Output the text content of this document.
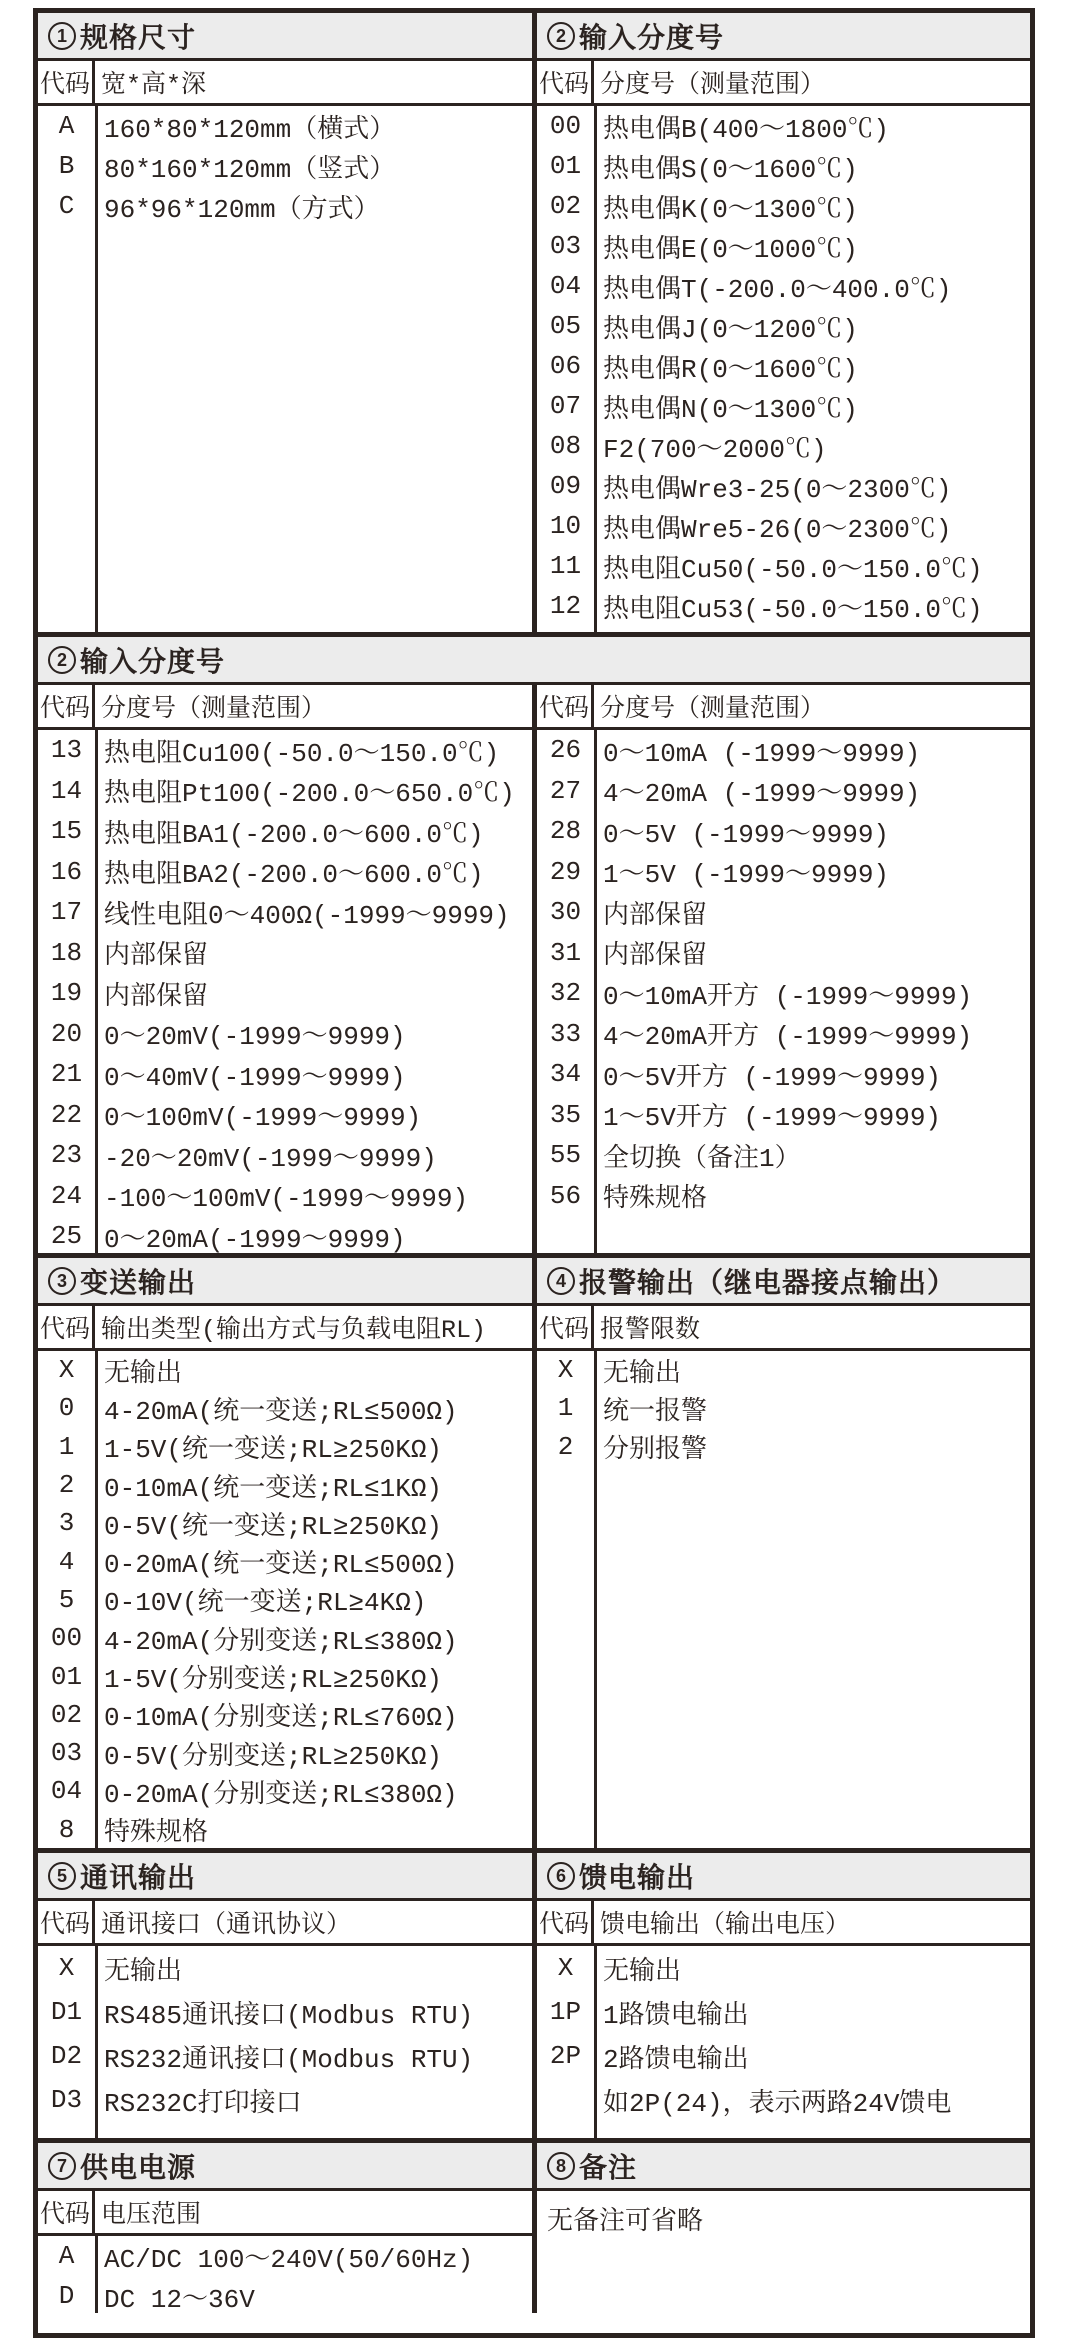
1 规格尺寸
代码 宽*高*深
A	160*80*120mm（横式）
B	80*160*120mm（竖式）
C	96*96*120mm（方式）
2 输入分度号
代码 分度号（测量范围）
00 热电偶B(400～1800℃)
01 热电偶S(0～1600℃)
02 热电偶K(0～1300℃)
03 热电偶E(0～1000℃)
04 热电偶T(-200.0～400.0℃)
05 热电偶J(0～1200℃)
06 热电偶R(0～1600℃)
07 热电偶N(0～1300℃)
08 F2(700～2000℃)
09 热电偶Wre3-25(0～2300℃)
10 热电偶Wre5-26(0～2300℃)
11 热电阻Cu50(-50.0～150.0℃)
12 热电阻Cu53(-50.0～150.0℃)
2 输入分度号
代码 分度号（测量范围）
13 热电阻Cu100(-50.0～150.0℃)
14 热电阻Pt100(-200.0～650.0℃)
15 热电阻BA1(-200.0～600.0℃)
16 热电阻BA2(-200.0～600.0℃)
17 线性电阻0～400Ω(-1999～9999)
18 内部保留
19 内部保留
20 0～20mV(-1999～9999)
21 0～40mV(-1999～9999)
22 0～100mV(-1999～9999)
23 -20～20mV(-1999～9999)
24 -100～100mV(-1999～9999)
25 0～20mA(-1999～9999)
代码 分度号（测量范围）
26 0～10mA (-1999～9999)
27 4～20mA (-1999～9999)
28 0～5V (-1999～9999)
29 1～5V (-1999～9999)
30 内部保留
31 内部保留
32 0～10mA开方 (-1999～9999)
33 4～20mA开方 (-1999～9999)
34 0～5V开方 (-1999～9999)
35 1～5V开方 (-1999～9999)
55 全切换（备注1）
56 特殊规格
3 变送输出
代码 输出类型(输出方式与负载电阻RL)
X	无输出
0	4-20mA(统一变送;RL≤500Ω)
1	1-5V(统一变送;RL≥250KΩ)
2	0-10mA(统一变送;RL≤1KΩ)
3	0-5V(统一变送;RL≥250KΩ)
4	0-20mA(统一变送;RL≤500Ω)
5	0-10V(统一变送;RL≥4KΩ)
00 4-20mA(分别变送;RL≤380Ω)
01 1-5V(分别变送;RL≥250KΩ)
02 0-10mA(分别变送;RL≤760Ω)
03 0-5V(分别变送;RL≥250KΩ)
04 0-20mA(分别变送;RL≤380Ω)
8	特殊规格
4 报警输出（继电器接点输出）
代码 报警限数
X	无输出
1	统一报警
2	分别报警
5 通讯输出
代码 通讯接口（通讯协议）
X	无输出
D1 RS485通讯接口(Modbus RTU)
D2 RS232通讯接口(Modbus RTU)
D3 RS232C打印接口
6 馈电输出
代码 馈电输出（输出电压）
X	无输出
1P 1路馈电输出
2P 2路馈电输出
如2P(24)，表示两路24V馈电
7 供电电源
代码 电压范围
A	AC/DC 100～240V(50/60Hz)
D	DC 12～36V
8 备注
无备注可省略
